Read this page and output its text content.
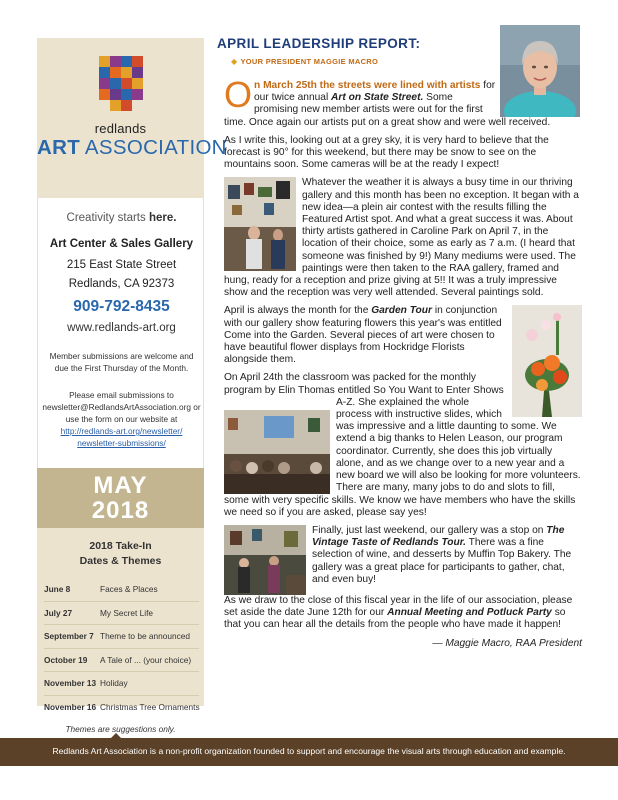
redlands
ART ASSOCIATION
Creativity starts here.
Art Center & Sales Gallery
215 East State Street
Redlands, CA 92373
909-792-8435
www.redlands-art.org
Member submissions are welcome and due the First Thursday of the Month.
Please email submissions to newsletter@RedlandsArtAssociation.org or use the form on our website at
http://redlands-art.org/newsletter/
newsletter-submissions/
MAY
2018
2018 Take-In
Dates & Themes
June 8	Faces & Places
July 27	My Secret Life
September 7 Theme to be announced
October 19 A Tale of ... (your choice)
November 13 Holiday
November 16 Christmas Tree Ornaments
Themes are suggestions only.
APRIL LEADERSHIP REPORT:
◆ YOUR PRESIDENT MAGGIE MACRO
On March 25th the streets were lined with artists for our twice annual Art on State Street. Some promising new member artists were out for the first time. Once again our artists put on a great show and were well received.
As I write this, looking out at a grey sky, it is very hard to believe that the forecast is 90° for this weekend, but there may be snow to see on the mountains soon. Some cameras will be at the ready I expect!
Whatever the weather it is always a busy time in our thriving gallery and this month has been no exception. It began with a new idea—a plein air contest with the results filling the Featured Artist spot. And what a great success it was. About thirty artists gathered in Caroline Park on April 7, in the location of their choice, some as early as 7 a.m. (I heard that someone was finished by 9!) Many mediums were used. The paintings were then taken to the RAA gallery, framed and hung, ready for a reception and prize giving at 5!! It was a truly impressive show and the reception was very well attended. Several paintings sold.
April is always the month for the Garden Tour in conjunction with our gallery show featuring flowers this year's was entitled Come into the Garden. Several pieces of art were chosen to have beautiful flower displays from Hockridge Florists alongside them.
On April 24th the classroom was packed for the monthly program by Elin Thomas entitled So You Want to Enter Shows A-Z. She explained the whole process with instructive slides, which was impressive and a little daunting to some. We extend a big thanks to Helen Leason, our program coordinator. Currently, she does this job virtually alone, and as we change over to a new year and a new board we will also be looking for more volunteers. There are many, many jobs to do and slots to fill, some with very specific skills. We know we have members who have the skills we need so if you are asked, please say yes!
Finally, just last weekend, our gallery was a stop on The Vintage Taste of Redlands Tour. There was a fine selection of wine, and desserts by Muffin Top Bakery. The gallery was a great place for participants to gather, chat, and even buy!
As we draw to the close of this fiscal year in the life of our association, please set aside the date June 12th for our Annual Meeting and Potluck Party so that you can hear all the details from the people who have made it happen!
— Maggie Macro, RAA President
Redlands Art Association is a non-profit organization founded to support and encourage the visual arts through education and example.
